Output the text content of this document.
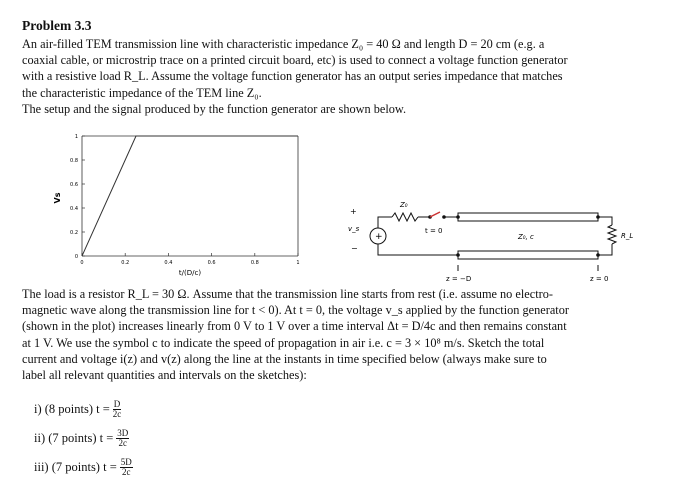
Problem 3.3
An air-filled TEM transmission line with characteristic impedance Z₀ = 40 Ω and length D = 20 cm (e.g. a
coaxial cable, or microstrip trace on a printed circuit board, etc) is used to connect a voltage function generator
with a resistive load R_L. Assume the voltage function generator has an output series impedance that matches
the characteristic impedance of the TEM line Z₀.
The setup and the signal produced by the function generator are shown below.
0
0.2
0.4
0.6
0.8
1
0	0.2	0.4	0.6	0.8	1
Vs
t/(D/c)
+
v_s
−
+
Z₀
t = 0
Z₀, c	R_L
z = −D	z = 0
The load is a resistor R_L = 30 Ω. Assume that the transmission line starts from rest (i.e. assume no electro-
magnetic wave along the transmission line for t < 0). At t = 0, the voltage v_s applied by the function generator
(shown in the plot) increases linearly from 0 V to 1 V over a time interval Δt = D/4c and then remains constant
at 1 V. We use the symbol c to indicate the speed of propagation in air i.e. c = 3 × 10⁸ m/s. Sketch the total
current and voltage i(z) and v(z) along the line at the instants in time specified below (always make sure to
label all relevant quantities and intervals on the sketches):
i) (8 points) $t = \frac{D}{2c}$
ii) (7 points) $t = \frac{3D}{2c}$
iii) (7 points) $t = \frac{5D}{2c}$
